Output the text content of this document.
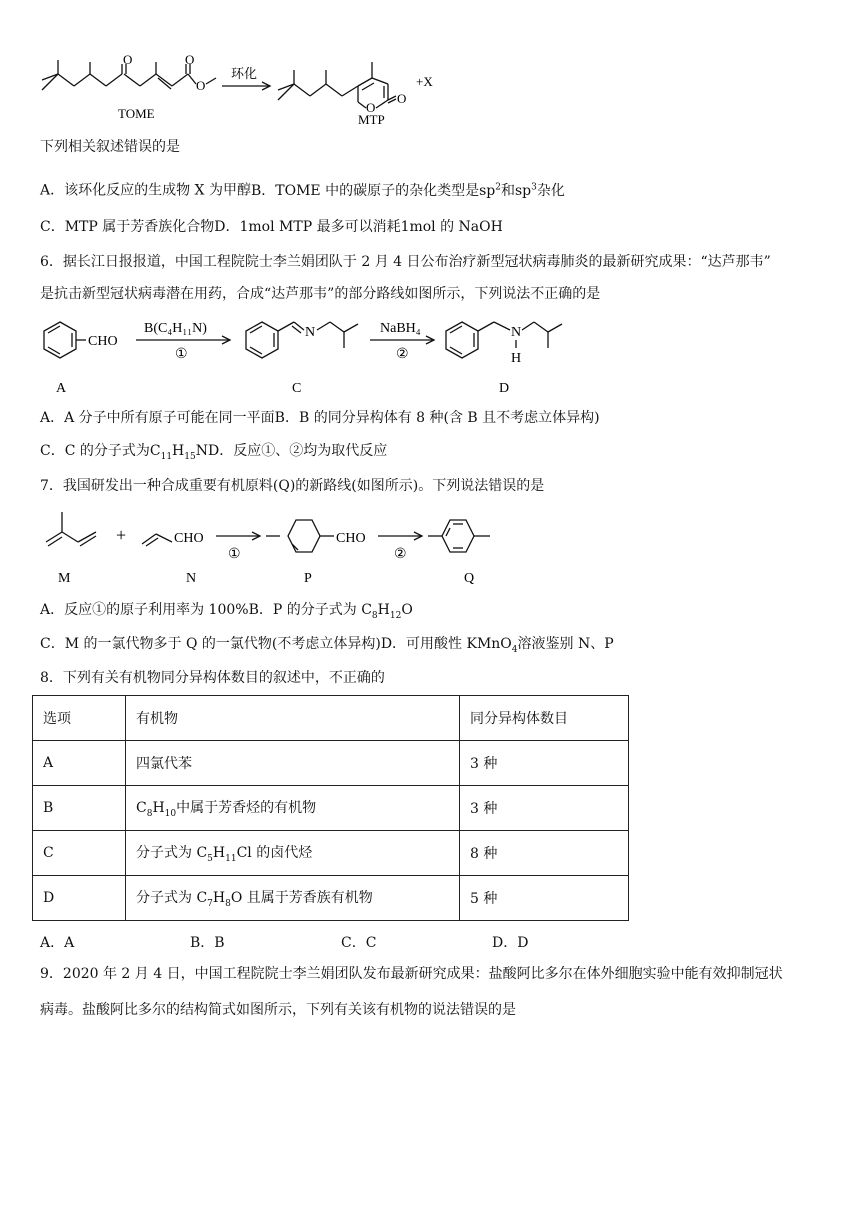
O	O
O
TOME
环化
O
O
MTP
+X
下列相关叙述错误的是
A．该环化反应的生成物 X 为甲醇B．TOME 中的碳原子的杂化类型是$sp^2$和$sp^3$杂化
C．MTP 属于芳香族化合物D．1mol MTP 最多可以消耗1mol 的 NaOH
6．据长江日报报道，中国工程院院士李兰娟团队于 2 月 4 日公布治疗新型冠状病毒肺炎的最新研究成果：“达芦那韦”
是抗击新型冠状病毒潜在用药，合成“达芦那韦”的部分路线如图所示，下列说法不正确的是
CHO
B(C₄H₁₁N)
①
N	NaBH₄
②
N
H
A	C	D
A．A 分子中所有原子可能在同一平面B．B 的同分异构体有 8 种(含 B 且不考虑立体异构)
C．C 的分子式为$C_{11}H_{15}ND$．反应①、②均为取代反应
7．我国研发出一种合成重要有机原料(Q)的新路线(如图所示)。下列说法错误的是
+	CHO
①
CHO
②
M	N	P	Q
A．反应①的原子利用率为 100%B．P 的分子式为 $C_8H_{12}O$
C．M 的一氯代物多于 Q 的一氯代物(不考虑立体异构)D．可用酸性 KMnO$_4$溶液鉴别 N、P
8．下列有关有机物同分异构体数目的叙述中，不正确的
选项	有机物	同分异构体数目
A	四氯代苯	3 种
B	$C_8H_{10}$中属于芳香烃的有机物	3 种
C	分子式为 $C_5H_{11}Cl$ 的卤代烃	8 种
D	分子式为 $C_7H_8O$ 且属于芳香族有机物	5 种
A．A	B．B	C．C	D．D
9．2020 年 2 月 4 日，中国工程院院士李兰娟团队发布最新研究成果：盐酸阿比多尔在体外细胞实验中能有效抑制冠状
病毒。盐酸阿比多尔的结构简式如图所示，下列有关该有机物的说法错误的是
